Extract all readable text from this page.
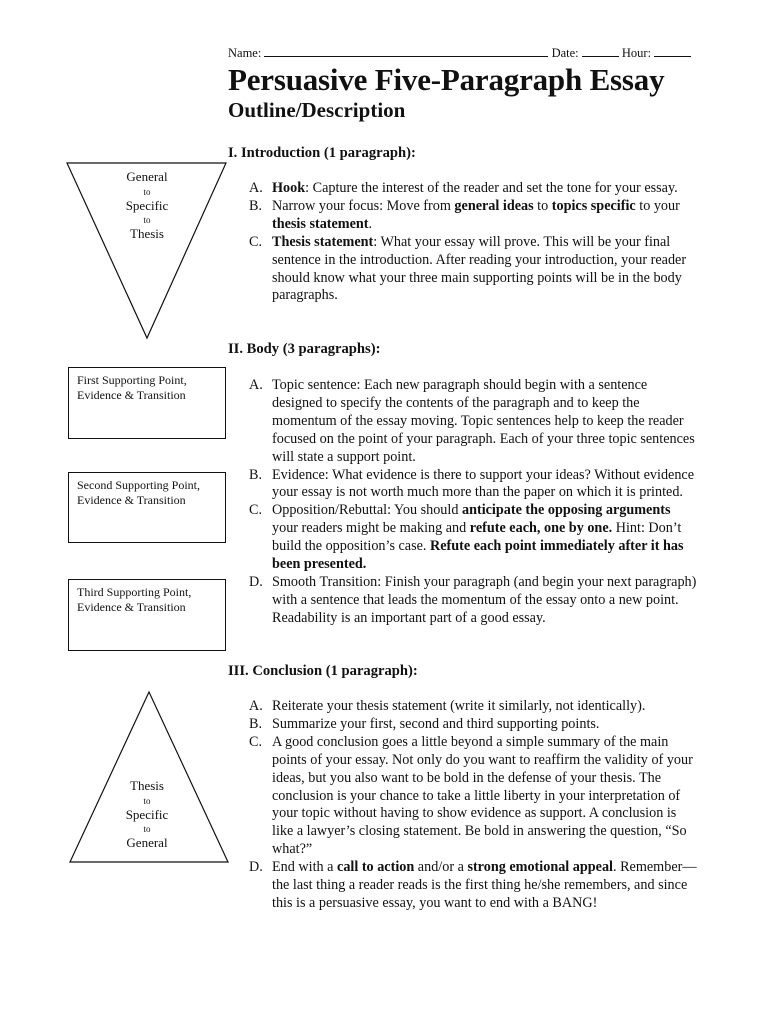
Name:	Date:	Hour:
Persuasive Five-Paragraph Essay
Outline/Description
General
to
Specific
to
Thesis
First Supporting Point,
Evidence & Transition
Second Supporting Point,
Evidence & Transition
Third Supporting Point,
Evidence & Transition
Thesis
to
Specific
to
General
I. Introduction (1 paragraph):
A. Hook: Capture the interest of the reader and set the tone for your essay.
B. Narrow your focus: Move from general ideas to topics specific to your thesis statement.
C. Thesis statement: What your essay will prove. This will be your final sentence in the introduction. After reading your introduction, your reader should know what your three main supporting points will be in the body paragraphs.
II. Body (3 paragraphs):
A. Topic sentence: Each new paragraph should begin with a sentence designed to specify the contents of the paragraph and to keep the momentum of the essay moving. Topic sentences help to keep the reader focused on the point of your paragraph. Each of your three topic sentences will state a support point.
B. Evidence: What evidence is there to support your ideas? Without evidence your essay is not worth much more than the paper on which it is printed.
C. Opposition/Rebuttal: You should anticipate the opposing arguments your readers might be making and refute each, one by one. Hint: Don’t build the opposition’s case. Refute each point immediately after it has been presented.
D. Smooth Transition: Finish your paragraph (and begin your next paragraph) with a sentence that leads the momentum of the essay onto a new point. Readability is an important part of a good essay.
III. Conclusion (1 paragraph):
A. Reiterate your thesis statement (write it similarly, not identically).
B. Summarize your first, second and third supporting points.
C. A good conclusion goes a little beyond a simple summary of the main points of your essay. Not only do you want to reaffirm the validity of your ideas, but you also want to be bold in the defense of your thesis. The conclusion is your chance to take a little liberty in your interpretation of your topic without having to show evidence as support. A conclusion is like a lawyer’s closing statement. Be bold in answering the question, “So what?”
D. End with a call to action and/or a strong emotional appeal. Remember—the last thing a reader reads is the first thing he/she remembers, and since this is a persuasive essay, you want to end with a BANG!
